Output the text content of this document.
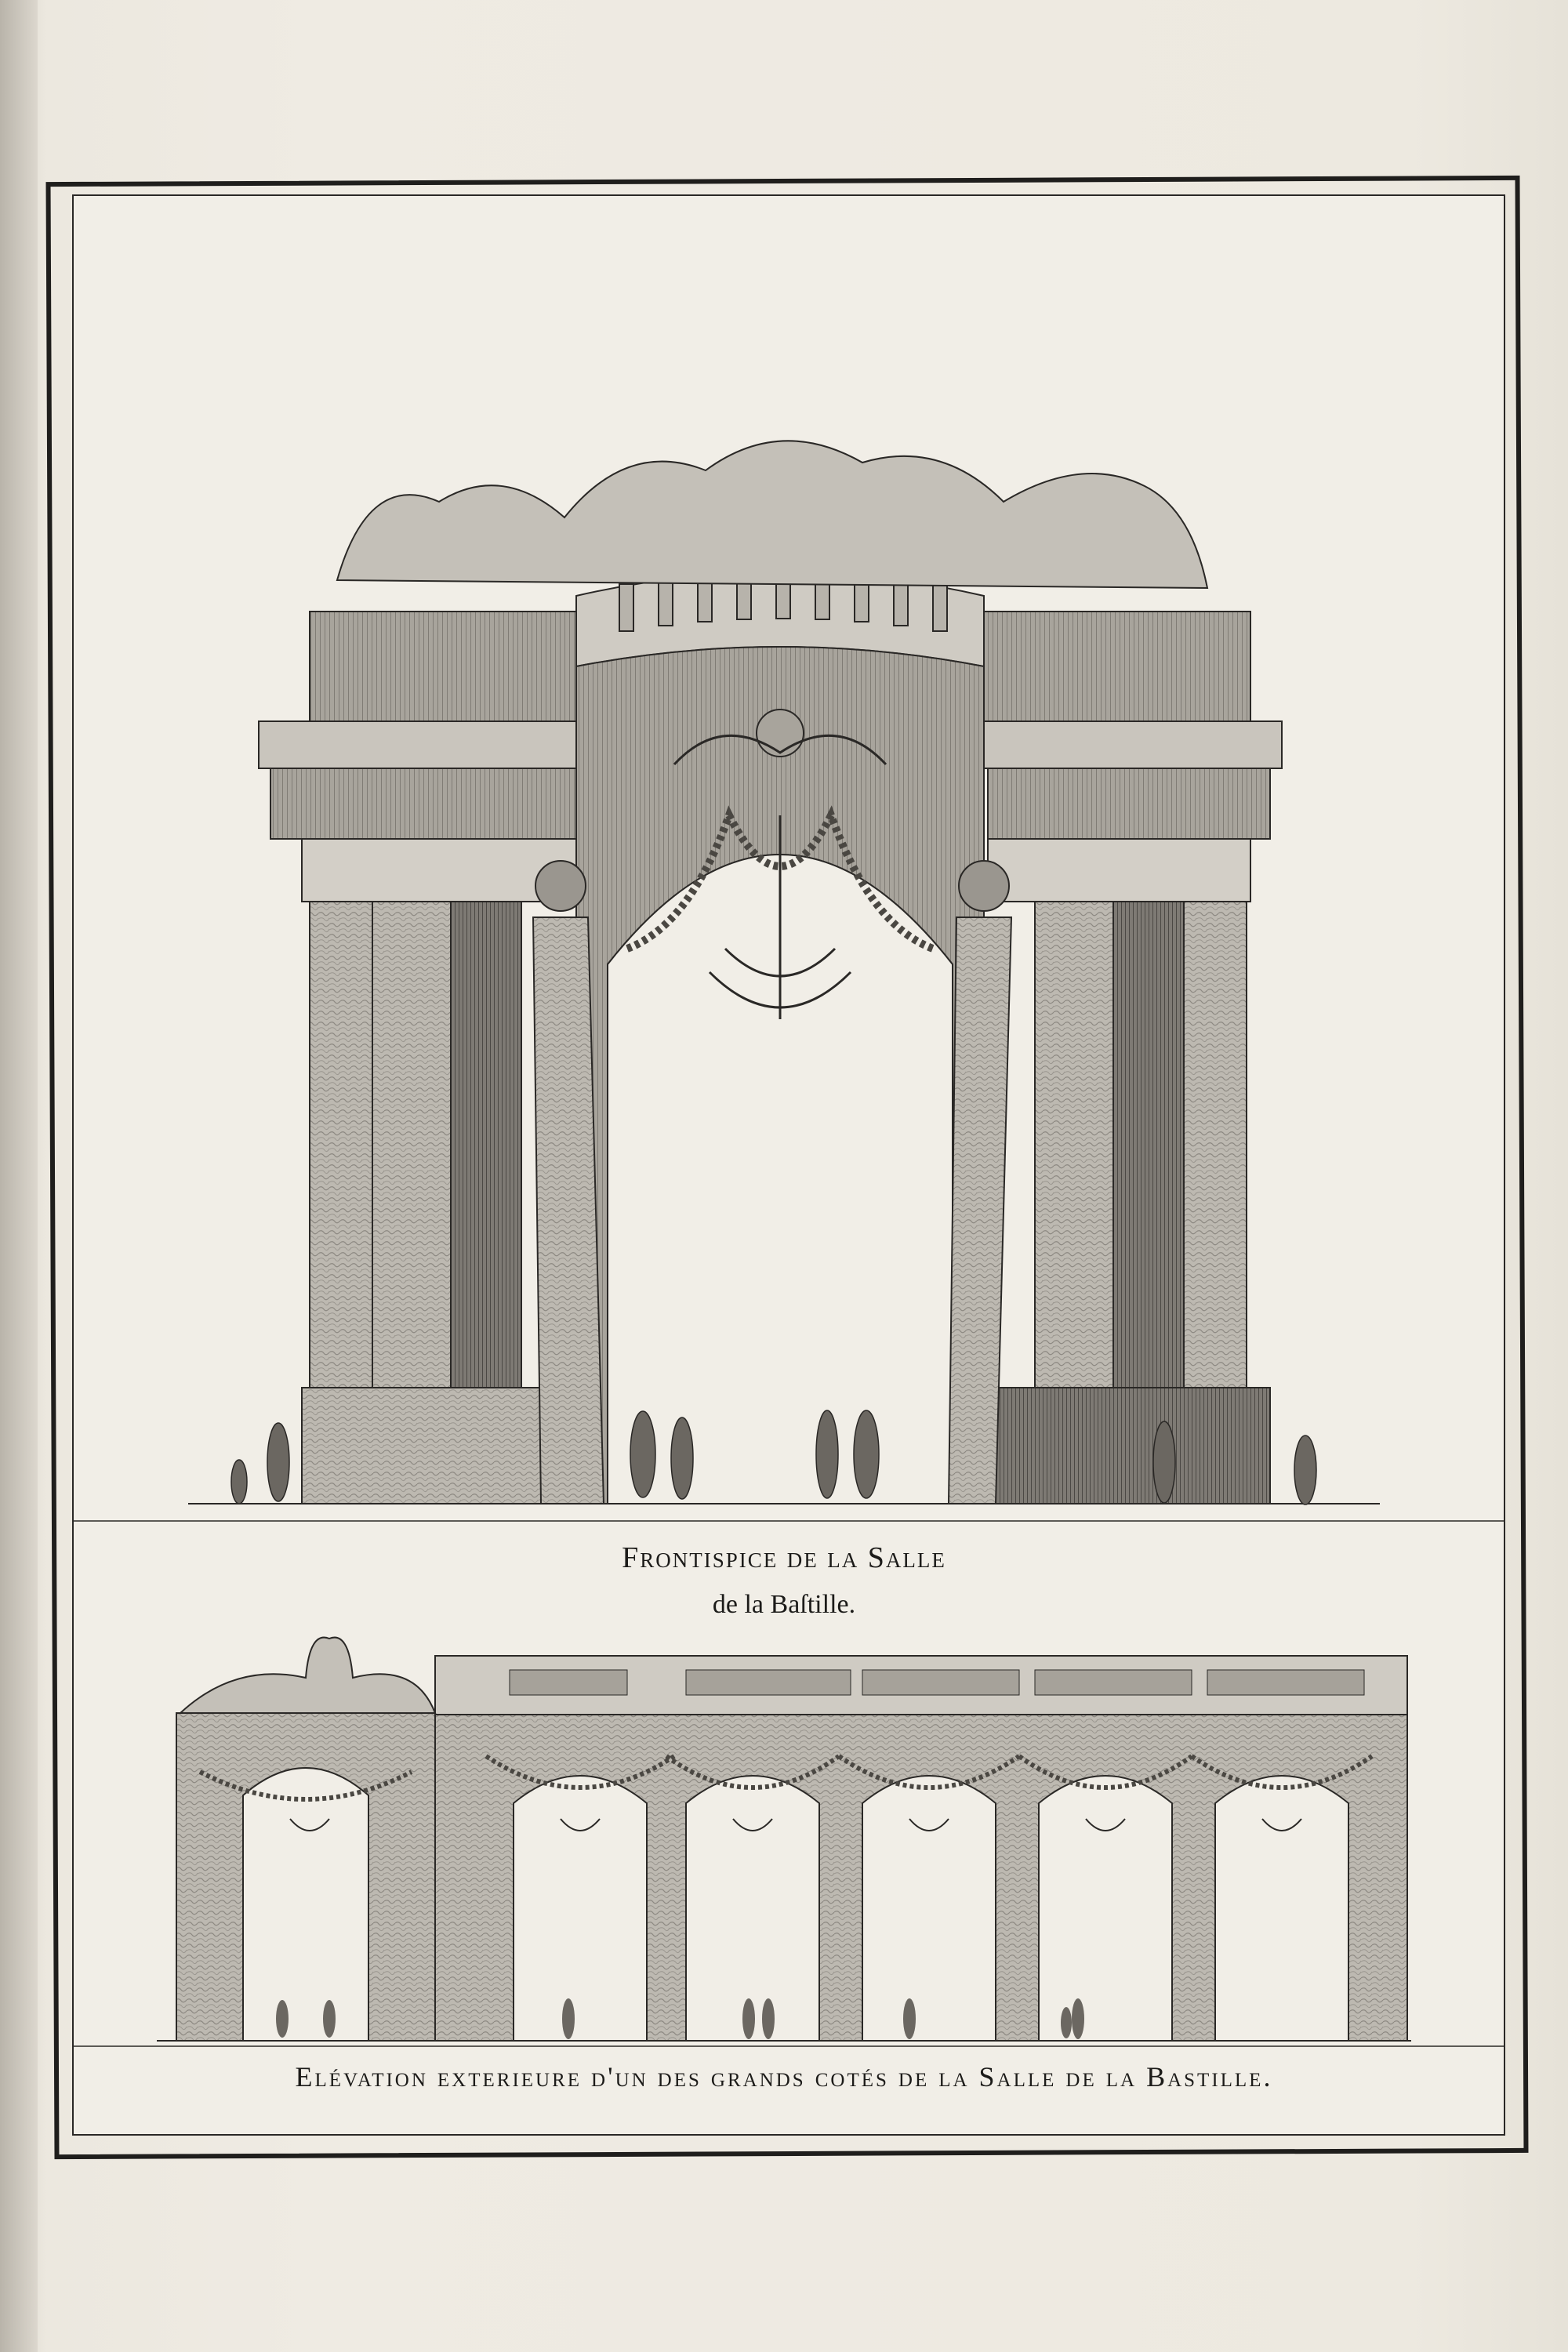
Frontispice de la Salle
de la Baſtille.
Elévation exterieure d'un des grands cotés de la Salle de la Bastille.
